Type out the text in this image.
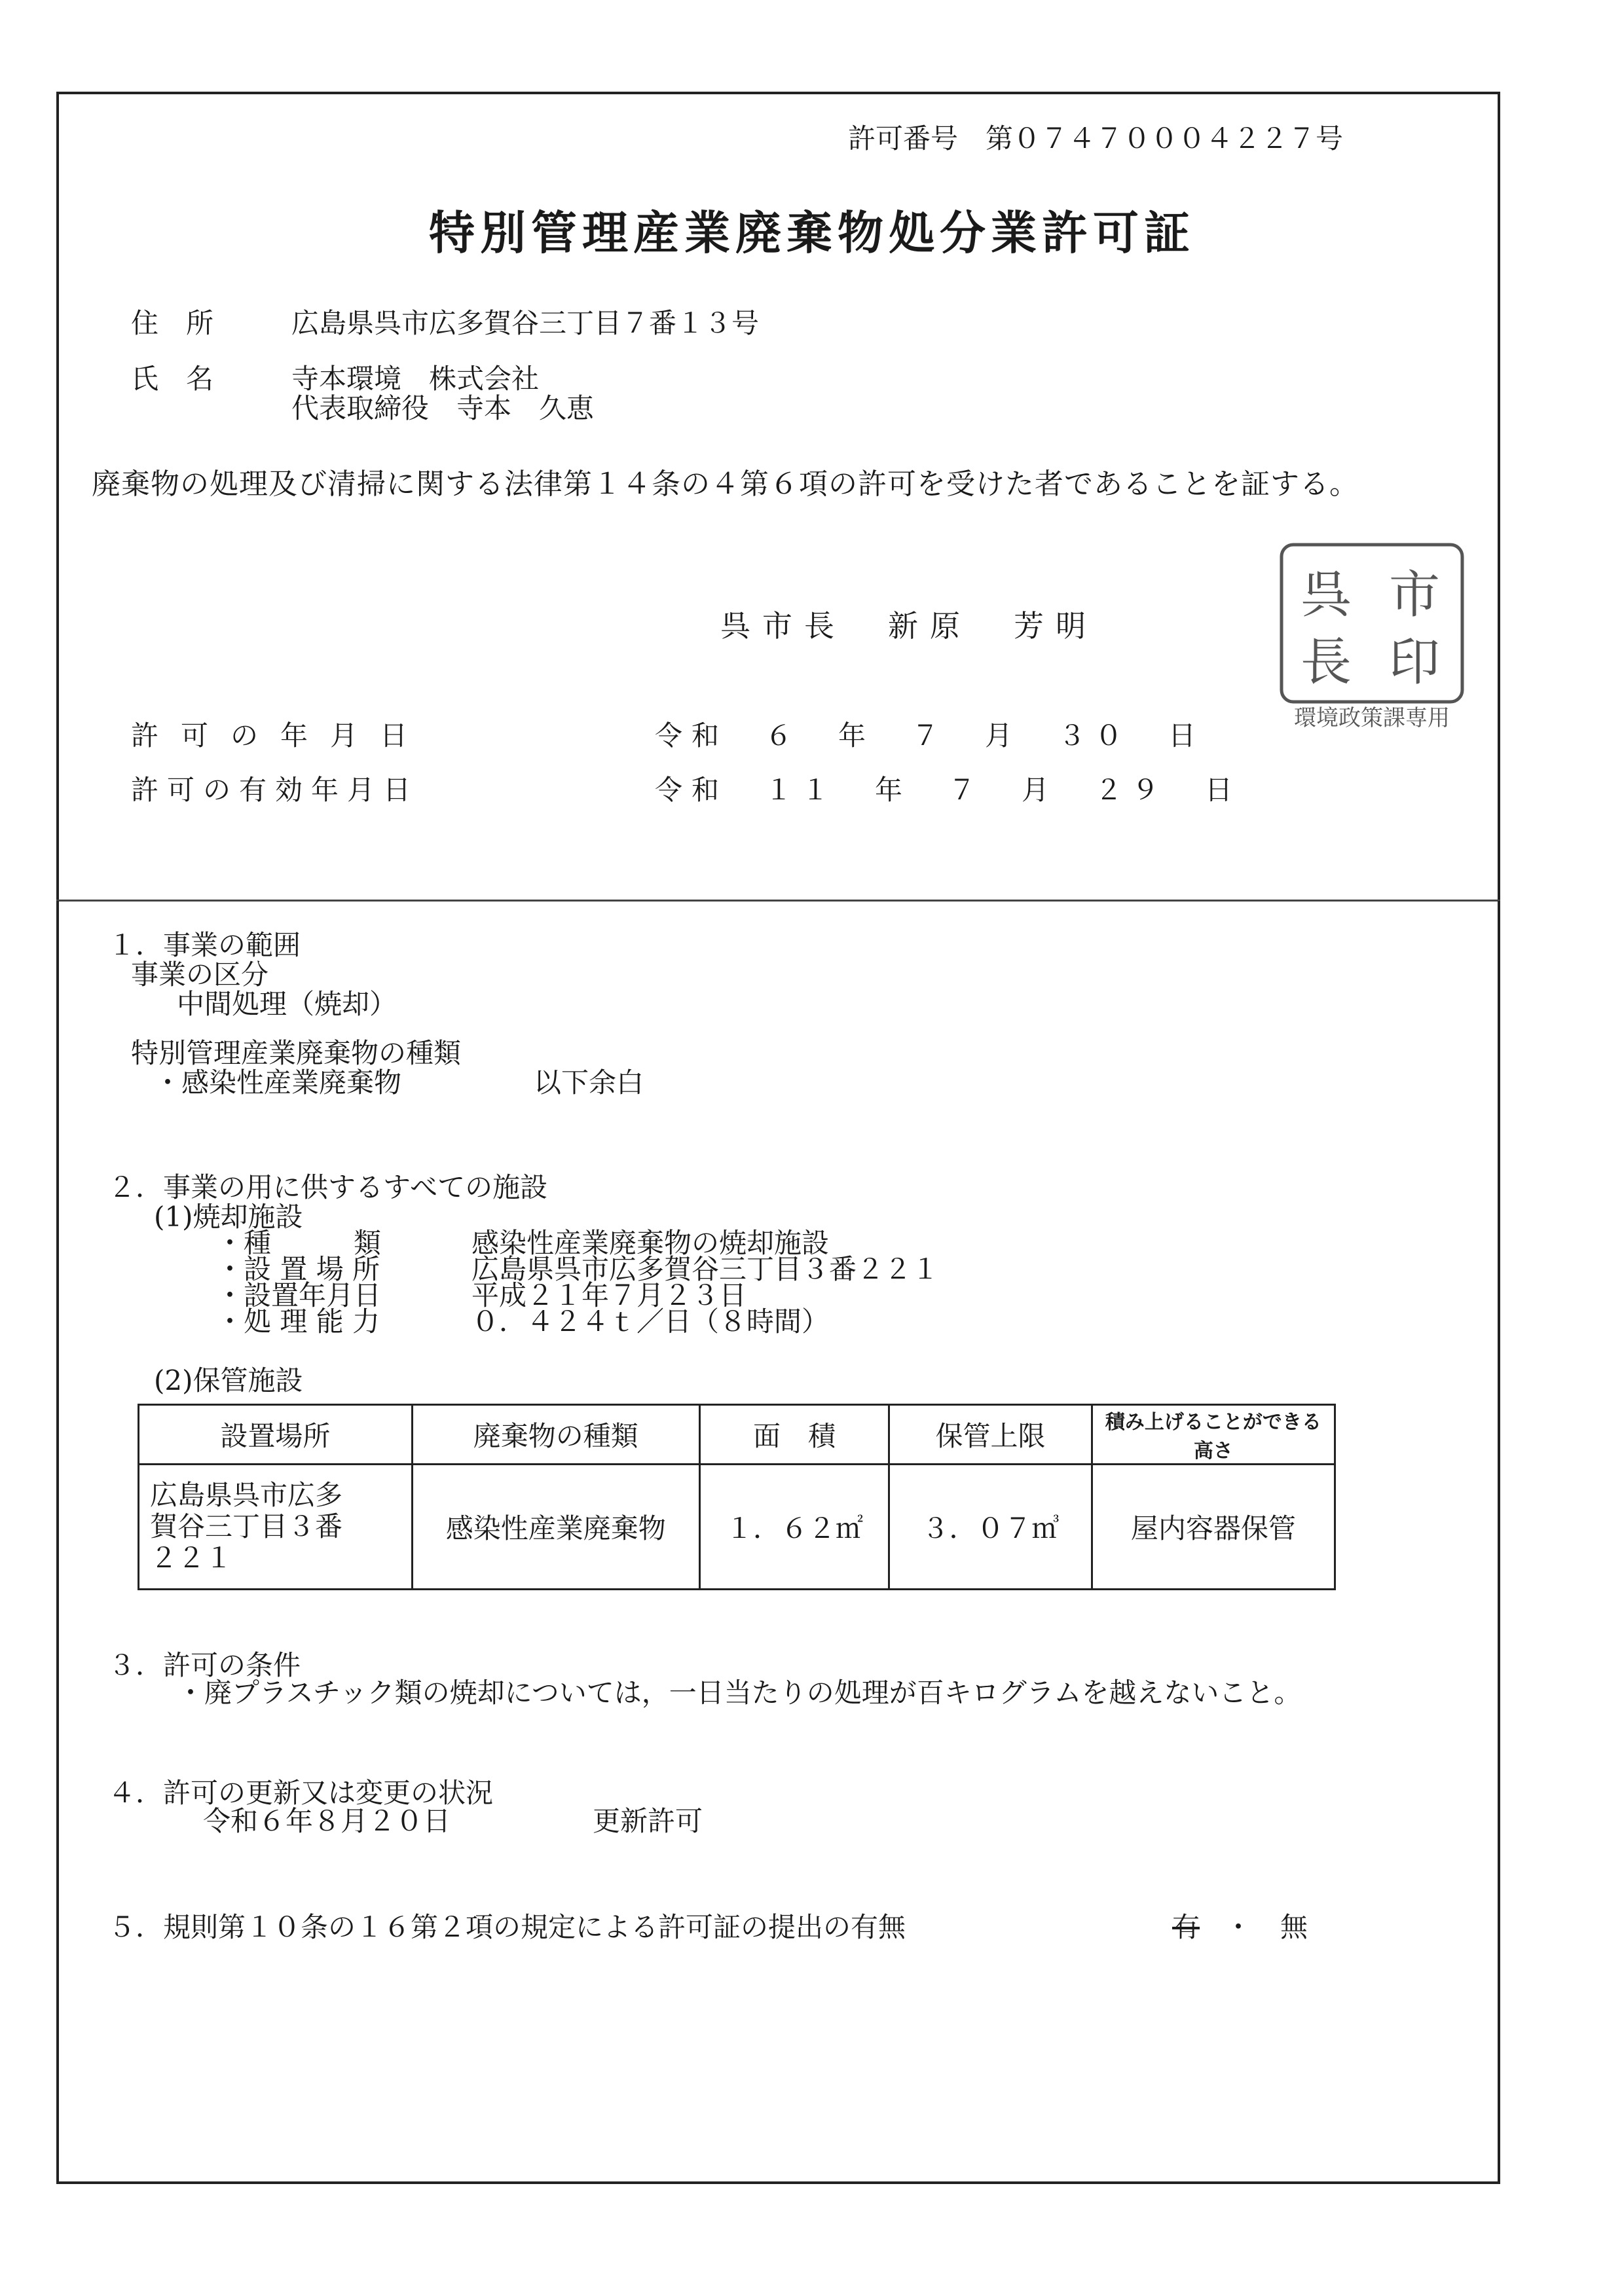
許可番号　第０７４７０００４２２７号
特別管理産業廃棄物処分業許可証
住　所	広島県呉市広多賀谷三丁目７番１３号
氏　名	寺本環境　株式会社
代表取締役　寺本　久恵
廃棄物の処理及び清掃に関する法律第１４条の４第６項の許可を受けた者であることを証する。
呉市長　新原　芳明
呉 市
長 印
環境政策課専用
許可の年月日	令和　６　年　７　月　３０　日
許可の有効年月日	令和　１１　年　７　月　２９　日
１．事業の範囲
事業の区分
中間処理（焼却）
特別管理産業廃棄物の種類
・感染性産業廃棄物	以下余白
２．事業の用に供するすべての施設
(1)焼却施設
・種　　　類	感染性産業廃棄物の焼却施設
・設 置 場 所	広島県呉市広多賀谷三丁目３番２２１
・設置年月日	平成２１年７月２３日
・処 理 能 力	０．４２４ｔ／日（８時間）
(2)保管施設
設置場所	廃棄物の種類	面　積	保管上限	積み上げることができる高さ
広島県呉市広多
賀谷三丁目３番
２２１	感染性産業廃棄物	１．６２㎡	３．０７㎥	屋内容器保管
３．許可の条件
・廃プラスチック類の焼却については，一日当たりの処理が百キログラムを越えないこと。
４．許可の更新又は変更の状況
令和６年８月２０日	更新許可
５．規則第１０条の１６第２項の規定による許可証の提出の有無	有 ・ 無
